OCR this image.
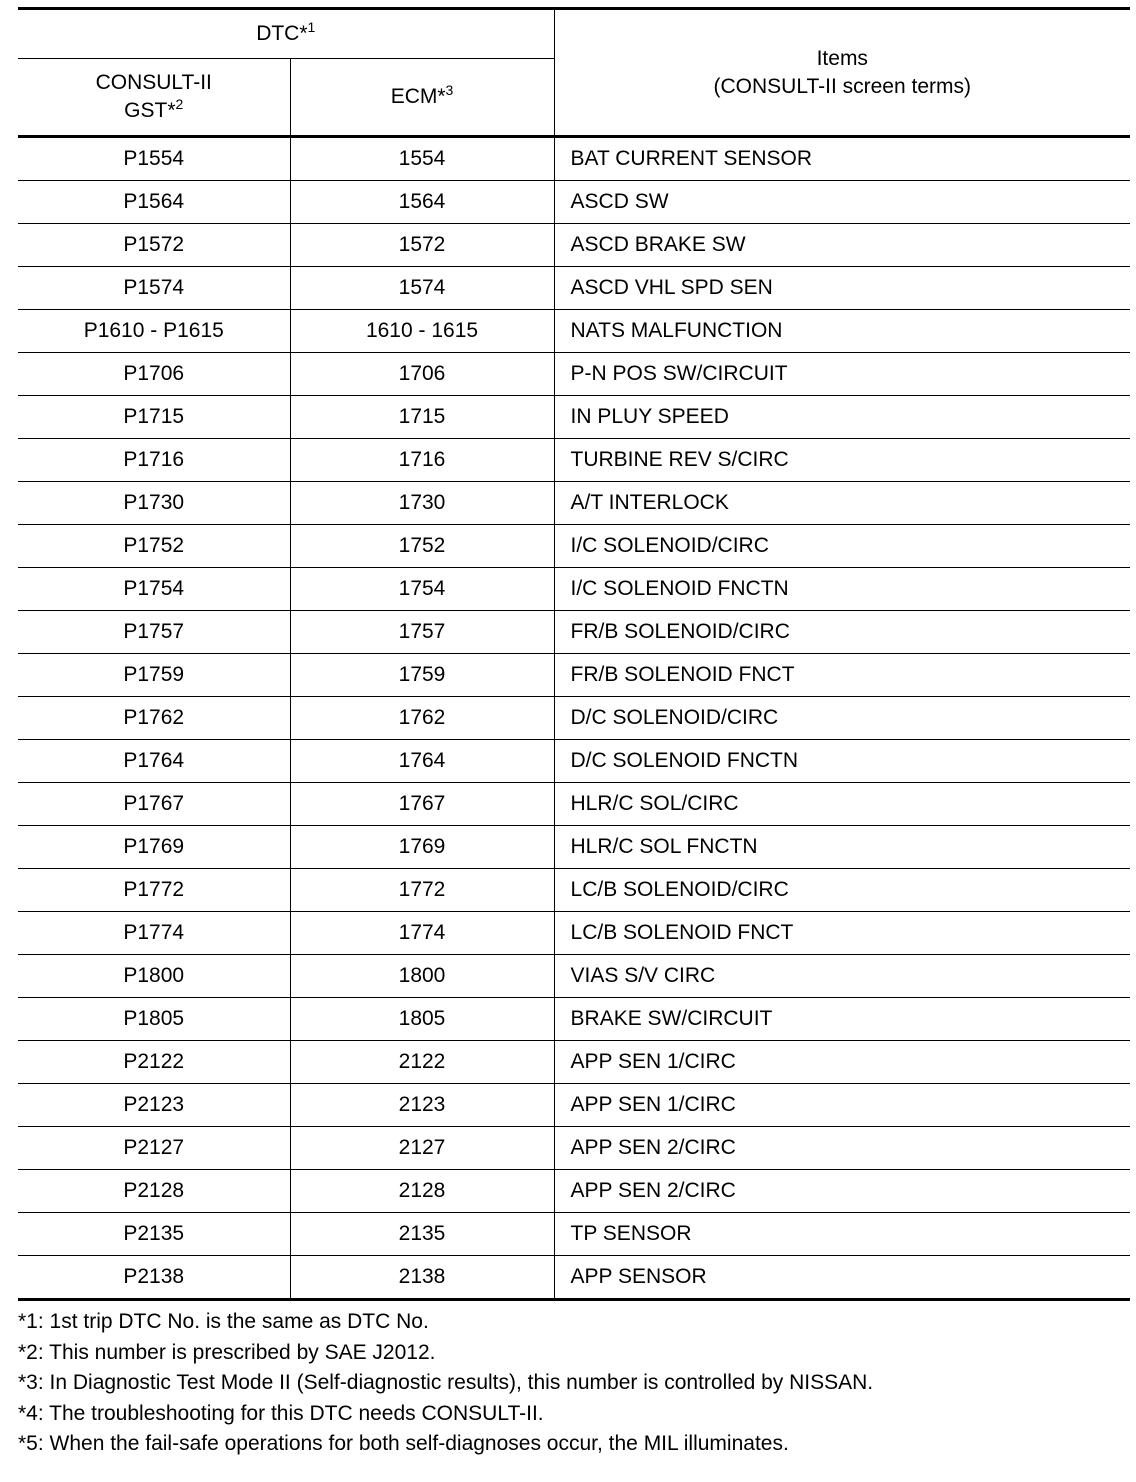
DTC*$^1$		Items
(CONSULT-II screen terms)

CONSULT-II
GST*$^2$	ECM*$^3$
P1554	1554	BAT CURRENT SENSOR
P1564	1564	ASCD SW
P1572	1572	ASCD BRAKE SW
P1574	1574	ASCD VHL SPD SEN
P1610 - P1615	1610 - 1615	NATS MALFUNCTION
P1706	1706	P-N POS SW/CIRCUIT
P1715	1715	IN PLUY SPEED
P1716	1716	TURBINE REV S/CIRC
P1730	1730	A/T INTERLOCK
P1752	1752	I/C SOLENOID/CIRC
P1754	1754	I/C SOLENOID FNCTN
P1757	1757	FR/B SOLENOID/CIRC
P1759	1759	FR/B SOLENOID FNCT
P1762	1762	D/C SOLENOID/CIRC
P1764	1764	D/C SOLENOID FNCTN
P1767	1767	HLR/C SOL/CIRC
P1769	1769	HLR/C SOL FNCTN
P1772	1772	LC/B SOLENOID/CIRC
P1774	1774	LC/B SOLENOID FNCT
P1800	1800	VIAS S/V CIRC
P1805	1805	BRAKE SW/CIRCUIT
P2122	2122	APP SEN 1/CIRC
P2123	2123	APP SEN 1/CIRC
P2127	2127	APP SEN 2/CIRC
P2128	2128	APP SEN 2/CIRC
P2135	2135	TP SENSOR
P2138	2138	APP SENSOR
*1: 1st trip DTC No. is the same as DTC No.
*2: This number is prescribed by SAE J2012.
*3: In Diagnostic Test Mode II (Self-diagnostic results), this number is controlled by NISSAN.
*4: The troubleshooting for this DTC needs CONSULT-II.
*5: When the fail-safe operations for both self-diagnoses occur, the MIL illuminates.
